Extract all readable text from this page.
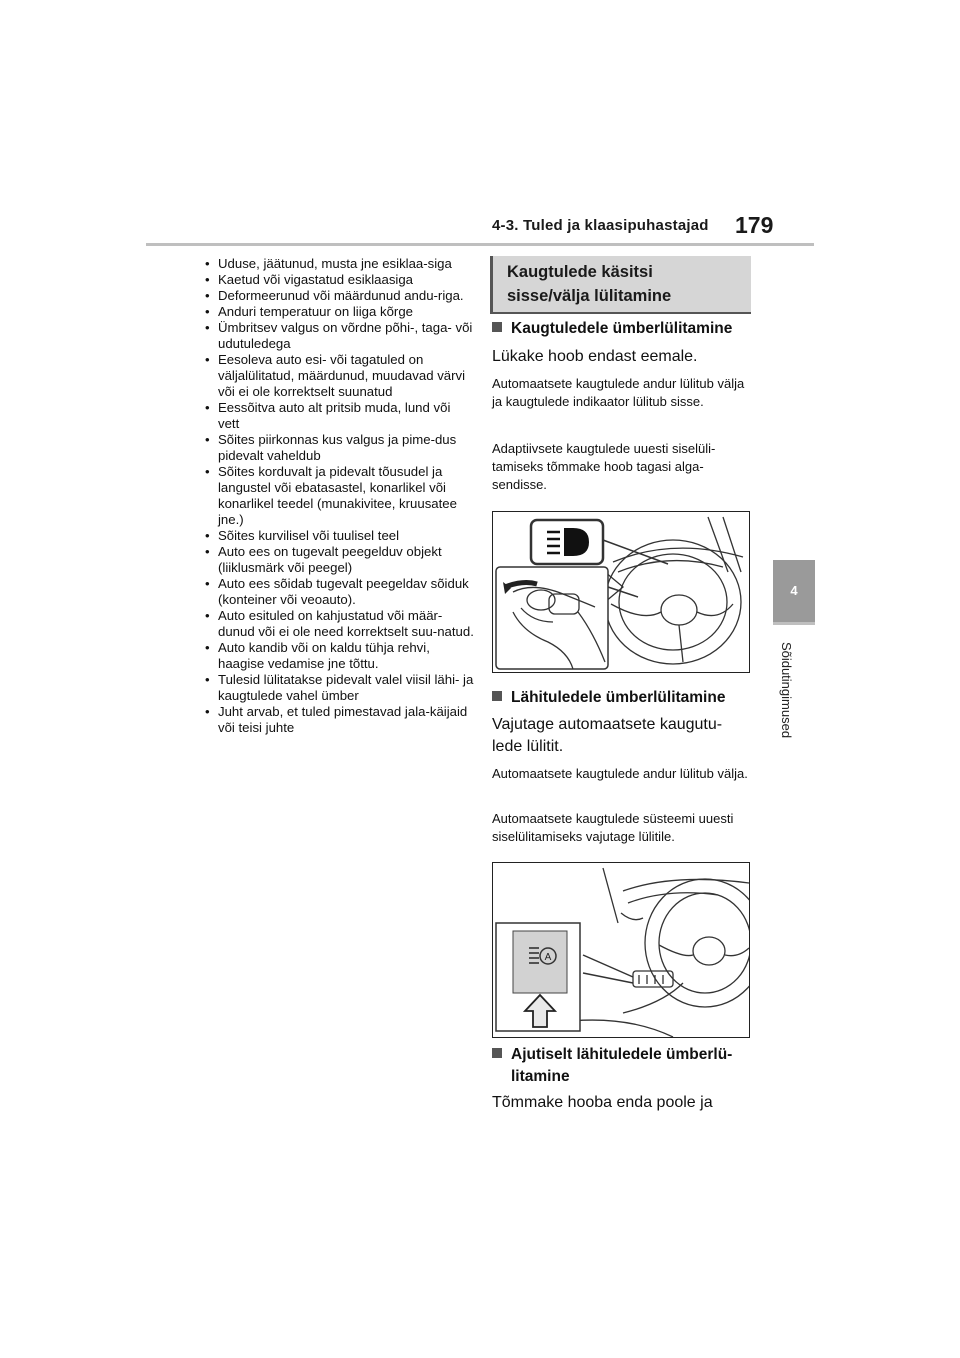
4-3. Tuled ja klaasipuhastajad 179
4
Sõidutingimused
• Uduse, jäätunud, musta jne esiklaa-siga
• Kaetud või vigastatud esiklaasiga
• Deformeerunud või määrdunud andu-riga.
• Anduri temperatuur on liiga kõrge
• Ümbritsev valgus on võrdne põhi-, taga- või udutuledega
• Eesoleva auto esi- või tagatuled on väljalülitatud, määrdunud, muudavad värvi või ei ole korrektselt suunatud
• Eessõitva auto alt pritsib muda, lund või vett
• Sõites piirkonnas kus valgus ja pime-dus pidevalt vaheldub
• Sõites korduvalt ja pidevalt tõusudel ja langustel või ebatasastel, konarlikel või konarlikel teedel (munakivitee, kruusatee jne.)
• Sõites kurvilisel või tuulisel teel
• Auto ees on tugevalt peegelduv objekt (liiklusmärk või peegel)
• Auto ees sõidab tugevalt peegeldav sõiduk (konteiner või veoauto).
• Auto esituled on kahjustatud või määr-dunud või ei ole need korrektselt suu-natud.
• Auto kandib või on kaldu tühja rehvi, haagise vedamise jne tõttu.
• Tulesid lülitatakse pidevalt valel viisil lähi- ja kaugtulede vahel ümber
• Juht arvab, et tuled pimestavad jala-käijaid või teisi juhte
Kaugtulede käsitsi sisse/välja lülitamine
Kaugtuledele ümberlülitamine
Lükake hoob endast eemale.
Automaatsete kaugtulede andur lülitub välja ja kaugtulede indikaator lülitub sisse.
Adaptiivsete kaugtulede uuesti siselüli-tamiseks tõmmake hoob tagasi alga-sendisse.
Lähituledele ümberlülitamine
Vajutage automaatsete kaugutu-lede lülitit.
Automaatsete kaugtulede andur lülitub välja.
Automaatsete kaugtulede süsteemi uuesti siselülitamiseks vajutage lülitile.
A
Ajutiselt lähituledele ümberlü-litamine
Tõmmake hooba enda poole ja
